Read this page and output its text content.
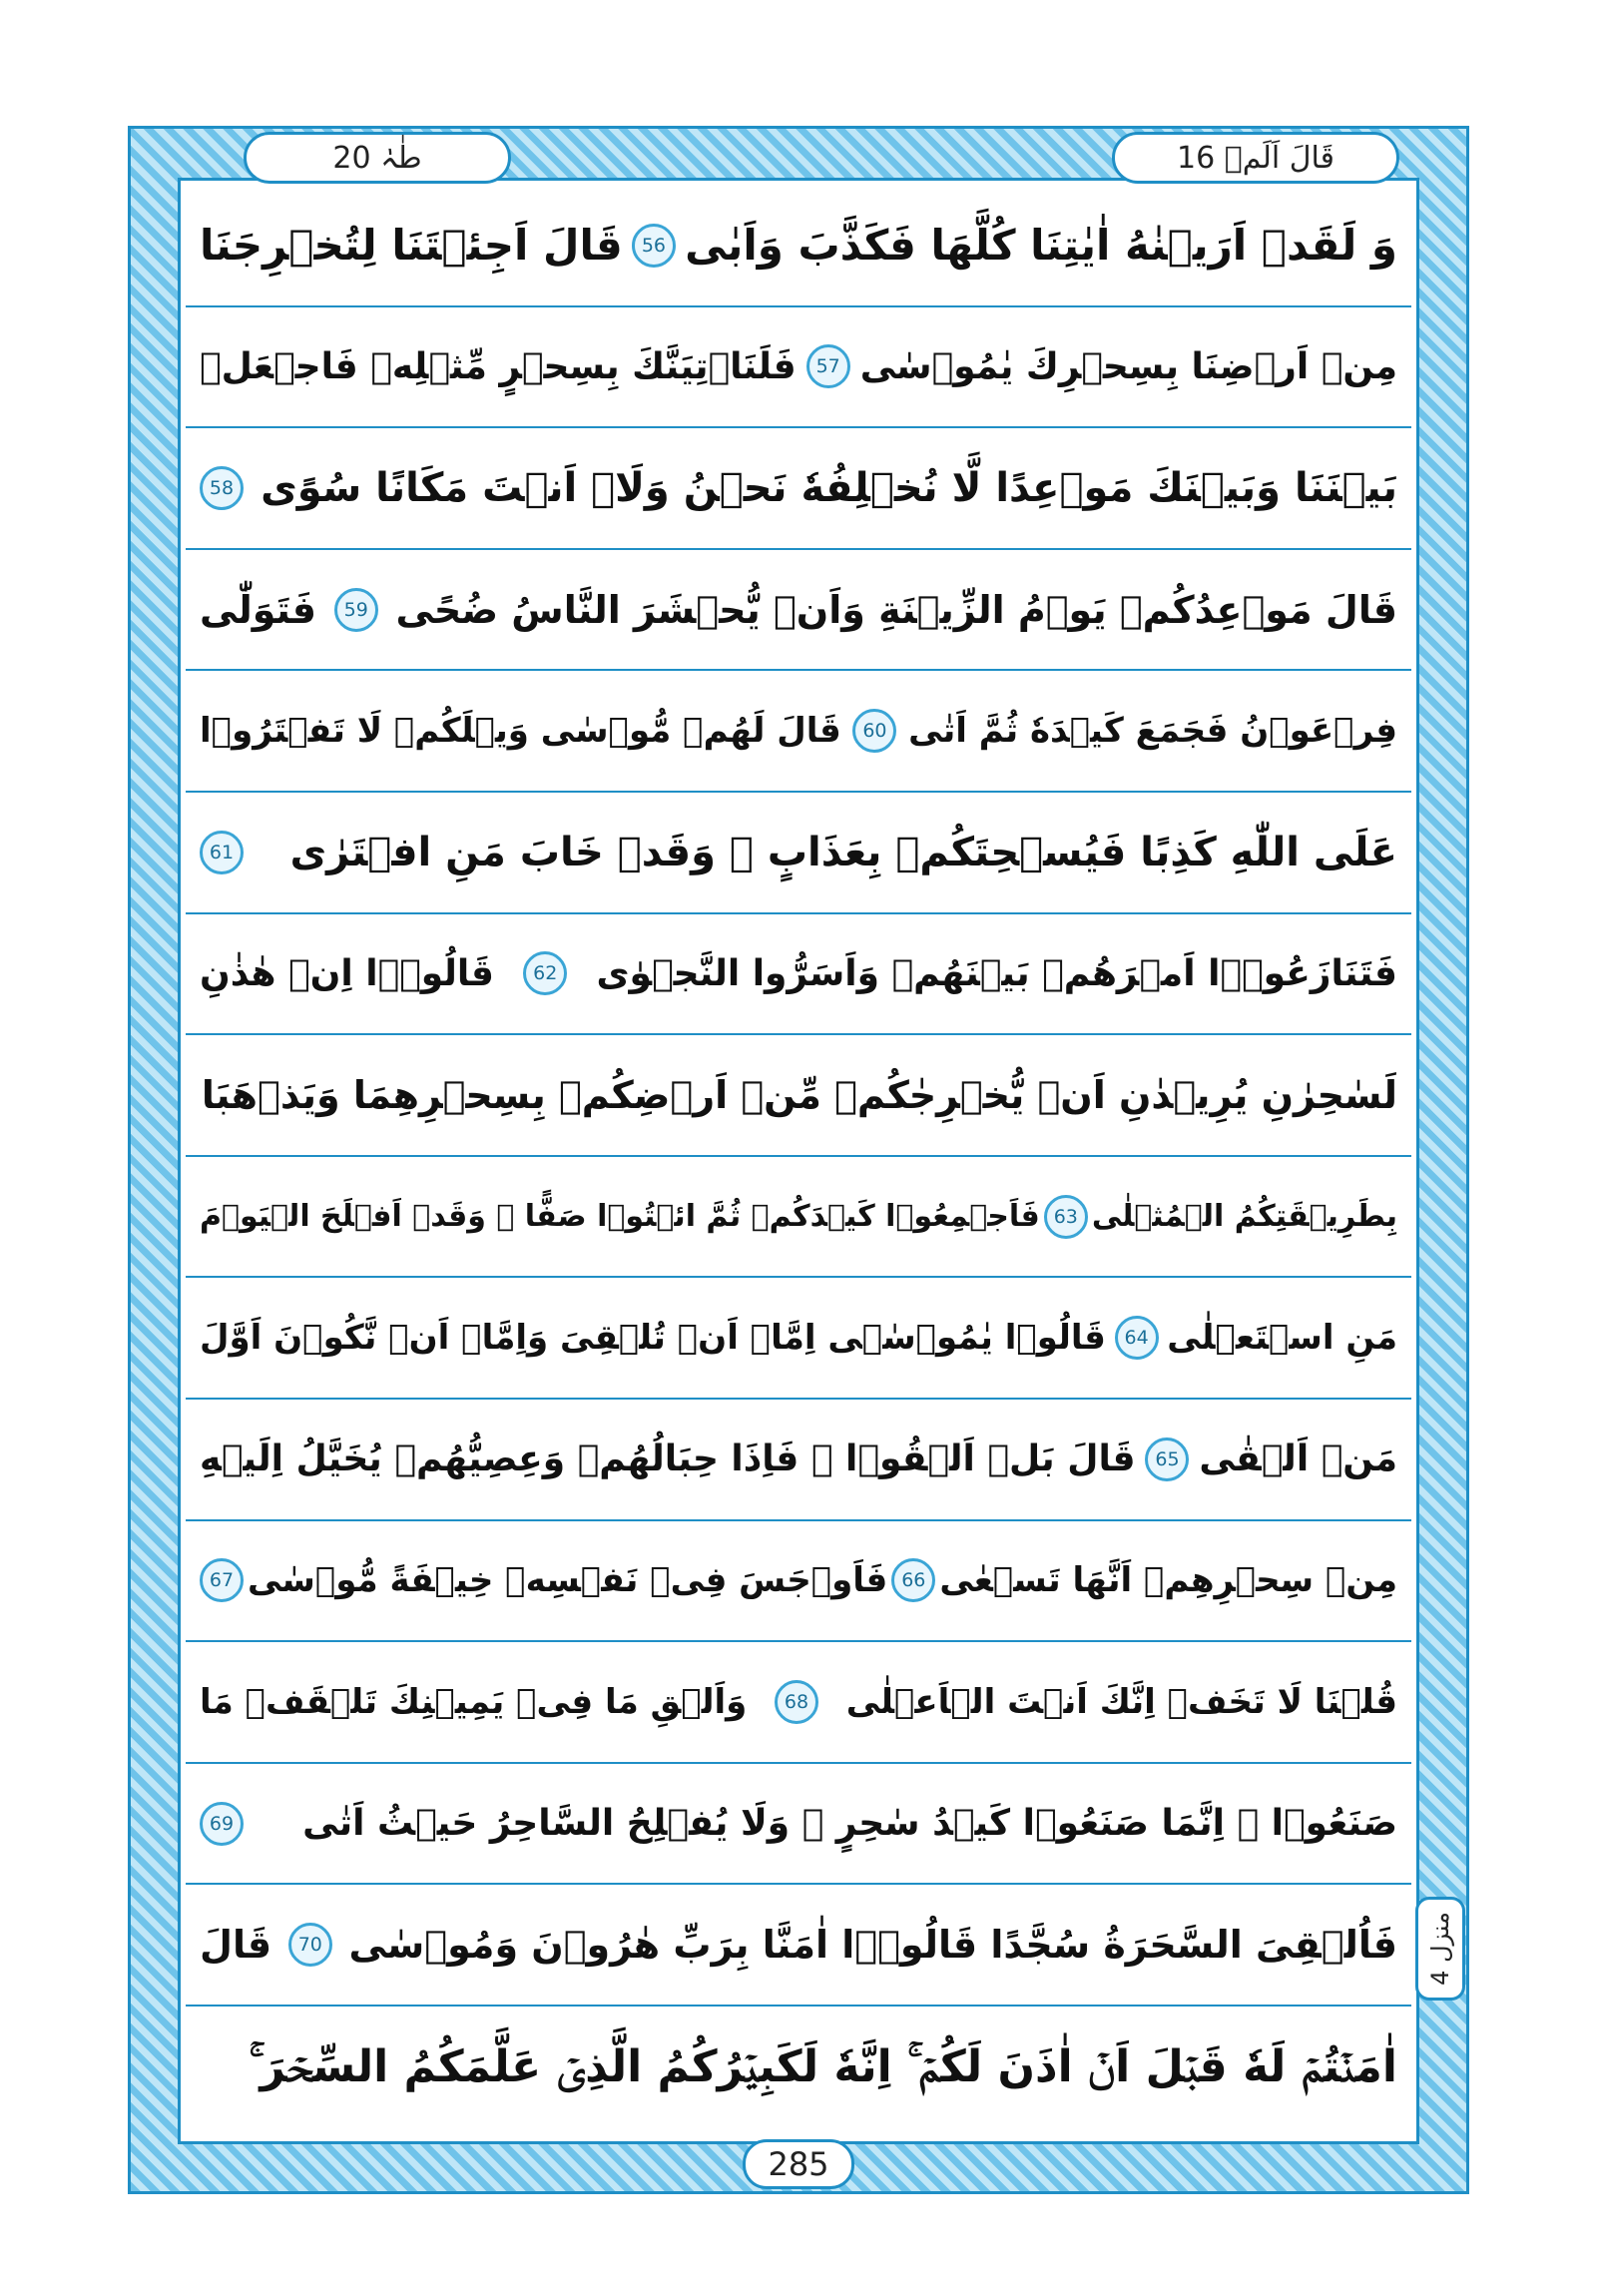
طٰہٰ 20	قَالَ اَلَمۡ 16
وَ لَقَدۡ اَرَيۡنٰهُ اٰيٰتِنَا كُلَّهَا فَكَذَّبَ وَاَبٰى
56
قَالَ اَجِئۡتَنَا لِتُخۡرِجَنَا
مِنۡ اَرۡضِنَا بِسِحۡرِكَ يٰمُوۡسٰى
57
فَلَنَاۡتِيَنَّكَ بِسِحۡرٍ مِّثۡلِهٖ فَاجۡعَلۡ
بَيۡنَنَا وَبَيۡنَكَ مَوۡعِدًا لَّا نُخۡلِفُهٗ نَحۡنُ وَلَاۤ اَنۡتَ مَكَانًا سُوًى
58
قَالَ مَوۡعِدُكُمۡ يَوۡمُ الزِّيۡنَةِ وَاَنۡ يُّحۡشَرَ النَّاسُ ضُحًى
59
فَتَوَلّٰى
فِرۡعَوۡنُ فَجَمَعَ كَيۡدَهٗ ثُمَّ اَتٰى
60
قَالَ لَهُمۡ مُّوۡسٰى وَيۡلَكُمۡ لَا تَفۡتَرُوۡا
عَلَى اللّٰهِ كَذِبًا فَيُسۡحِتَكُمۡ بِعَذَابٍ ۚ وَقَدۡ خَابَ مَنِ افۡتَرٰى
61
فَتَنَازَعُوۡۤا اَمۡرَهُمۡ بَيۡنَهُمۡ وَاَسَرُّوا النَّجۡوٰى
62
قَالُوۡۤا اِنۡ هٰذٰنِ
لَسٰحِرٰنِ يُرِيۡدٰنِ اَنۡ يُّخۡرِجٰكُمۡ مِّنۡ اَرۡضِكُمۡ بِسِحۡرِهِمَا وَيَذۡهَبَا
بِطَرِيۡقَتِكُمُ الۡمُثۡلٰى
63
فَاَجۡمِعُوۡا كَيۡدَكُمۡ ثُمَّ ائۡتُوۡا صَفًّا ۚ وَقَدۡ اَفۡلَحَ الۡيَوۡمَ
مَنِ اسۡتَعۡلٰى
64
قَالُوۡا يٰمُوۡسٰۤى اِمَّاۤ اَنۡ تُلۡقِىَ وَاِمَّاۤ اَنۡ نَّكُوۡنَ اَوَّلَ
مَنۡ اَلۡقٰى
65
قَالَ بَلۡ اَلۡقُوۡا ۚ فَاِذَا حِبَالُهُمۡ وَعِصِيُّهُمۡ يُخَيَّلُ اِلَيۡهِ
مِنۡ سِحۡرِهِمۡ اَنَّهَا تَسۡعٰى
66
فَاَوۡجَسَ فِىۡ نَفۡسِهٖ خِيۡفَةً مُّوۡسٰى
67
قُلۡنَا لَا تَخَفۡ اِنَّكَ اَنۡتَ الۡاَعۡلٰى
68
وَاَلۡقِ مَا فِىۡ يَمِيۡنِكَ تَلۡقَفۡ مَا
صَنَعُوۡا ۚ اِنَّمَا صَنَعُوۡا كَيۡدُ سٰحِرٍ ۚ وَلَا يُفۡلِحُ السَّاحِرُ حَيۡثُ اَتٰى
69
فَاُلۡقِىَ السَّحَرَةُ سُجَّدًا قَالُوۡۤا اٰمَنَّا بِرَبِّ هٰرُوۡنَ وَمُوۡسٰى
70
قَالَ
اٰمَنۡتُمۡ لَهٗ قَبۡلَ اَنۡ اٰذَنَ لَكُمۡ ۚ اِنَّهٗ لَكَبِيۡرُكُمُ الَّذِىۡ عَلَّمَكُمُ السِّحۡرَ ۚ
منزل 4
285
